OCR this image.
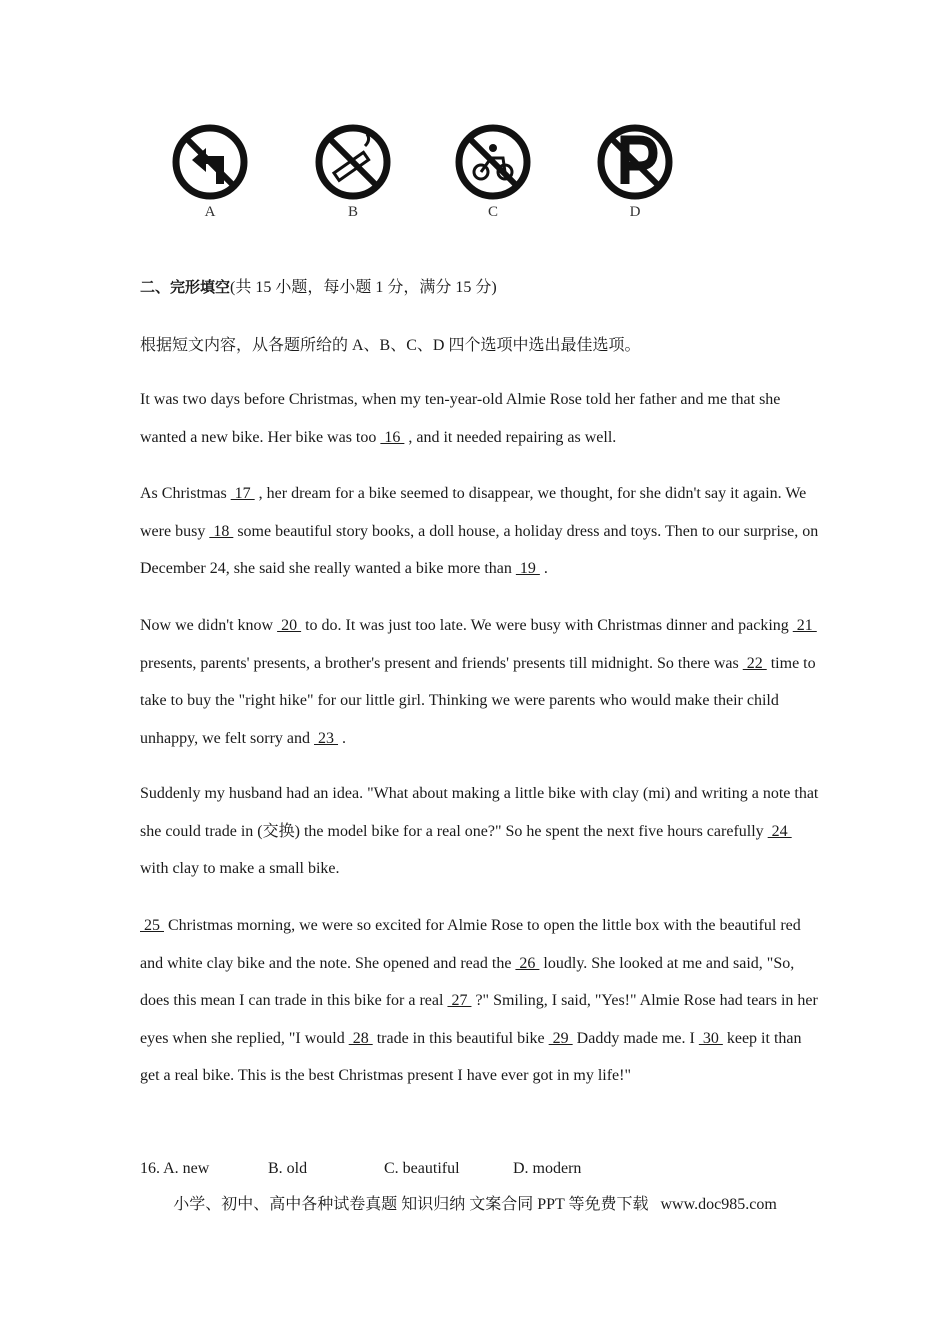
A	B	C	D
二、完形填空(共 15 小题，每小题 1 分，满分 15 分)
根据短文内容，从各题所给的 A、B、C、D 四个选项中选出最佳选项。
It was two days before Christmas, when my ten-year-old Almie Rose told her father and me that she wanted a new bike. Her bike was too  16  , and it needed repairing as well.
As Christmas  17  , her dream for a bike seemed to disappear, we thought, for she didn't say it again. We were busy  18  some beautiful story books, a doll house, a holiday dress and toys. Then to our surprise, on December 24, she said she really wanted a bike more than  19  .
Now we didn't know  20  to do. It was just too late. We were busy with Christmas dinner and packing  21  presents, parents' presents, a brother's present and friends' presents till midnight. So there was  22  time to take to buy the "right hike" for our little girl. Thinking we were parents who would make their child unhappy, we felt sorry and  23  .
Suddenly my husband had an idea. "What about making a little bike with clay (mi) and writing a note that she could trade in (交换) the model bike for a real one?" So he spent the next five hours carefully  24  with clay to make a small bike.
25  Christmas morning, we were so excited for Almie Rose to open the little box with the beautiful red and white clay bike and the note. She opened and read the  26  loudly. She looked at me and said, "So, does this mean I can trade in this bike for a real  27  ?" Smiling, I said, "Yes!" Almie Rose had tears in her eyes when she replied, "I would  28  trade in this beautiful bike  29  Daddy made me. I  30  keep it than get a real bike. This is the best Christmas present I have ever got in my life!"
16. A. new	B. old	C. beautiful	D. modern
小学、初中、高中各种试卷真题 知识归纳 文案合同 PPT 等免费下载 www.doc985.com
